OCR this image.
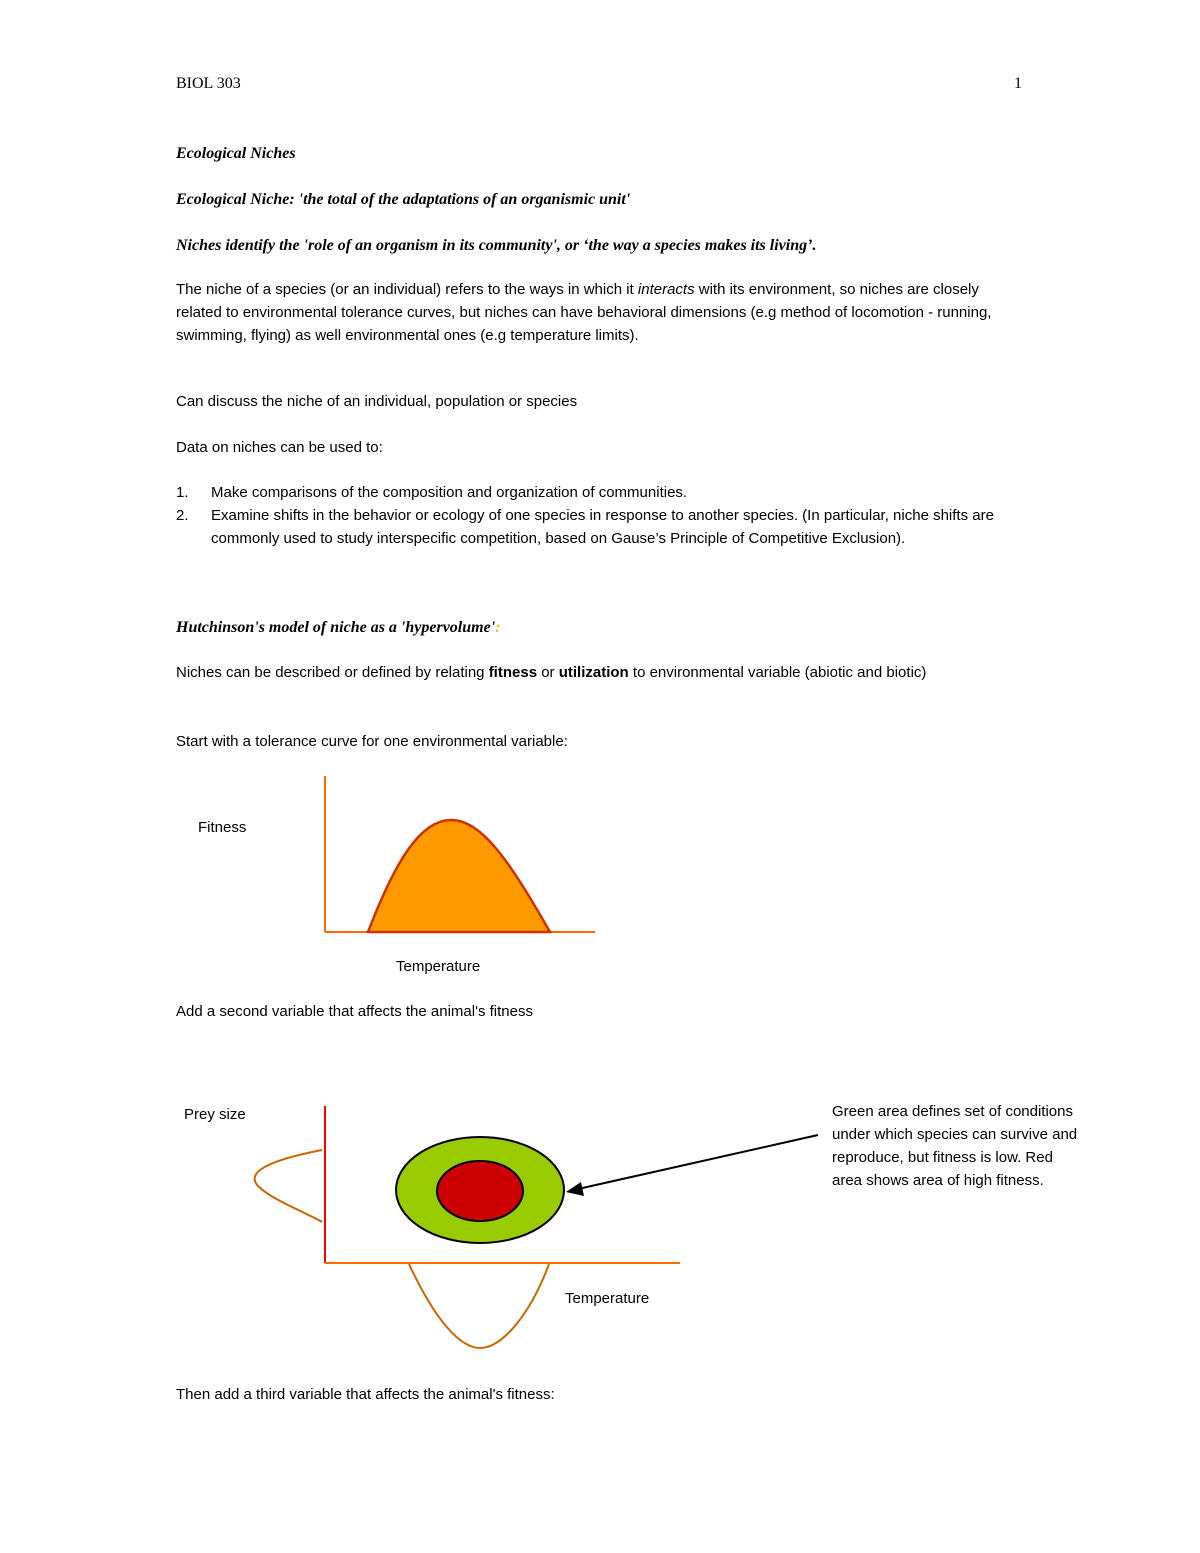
BIOL 303	1
Ecological Niches
Ecological Niche: 'the total of the adaptations of an organismic unit'
Niches identify the 'role of an organism in its community', or ‘the way a species makes its living’.
The niche of a species (or an individual) refers to the ways in which it interacts with its environment, so niches are closely related to environmental tolerance curves, but niches can have behavioral dimensions (e.g method of locomotion - running, swimming, flying) as well environmental ones (e.g temperature limits).
Can discuss the niche of an individual, population or species
Data on niches can be used to:
1. Make comparisons of the composition and organization of communities.
2. Examine shifts in the behavior or ecology of one species in response to another species. (In particular, niche shifts are commonly used to study interspecific competition, based on Gause’s Principle of Competitive Exclusion).
Hutchinson's model of niche as a 'hypervolume':
Niches can be described or defined by relating fitness or utilization to environmental variable (abiotic and biotic)
Start with a tolerance curve for one environmental variable:
Fitness
Temperature
Add a second variable that affects the animal's fitness
Prey size
Temperature
Green area defines set of conditions
under which species can survive and
reproduce, but fitness is low. Red
area shows area of high fitness.
Then add a third variable that affects the animal's fitness:
